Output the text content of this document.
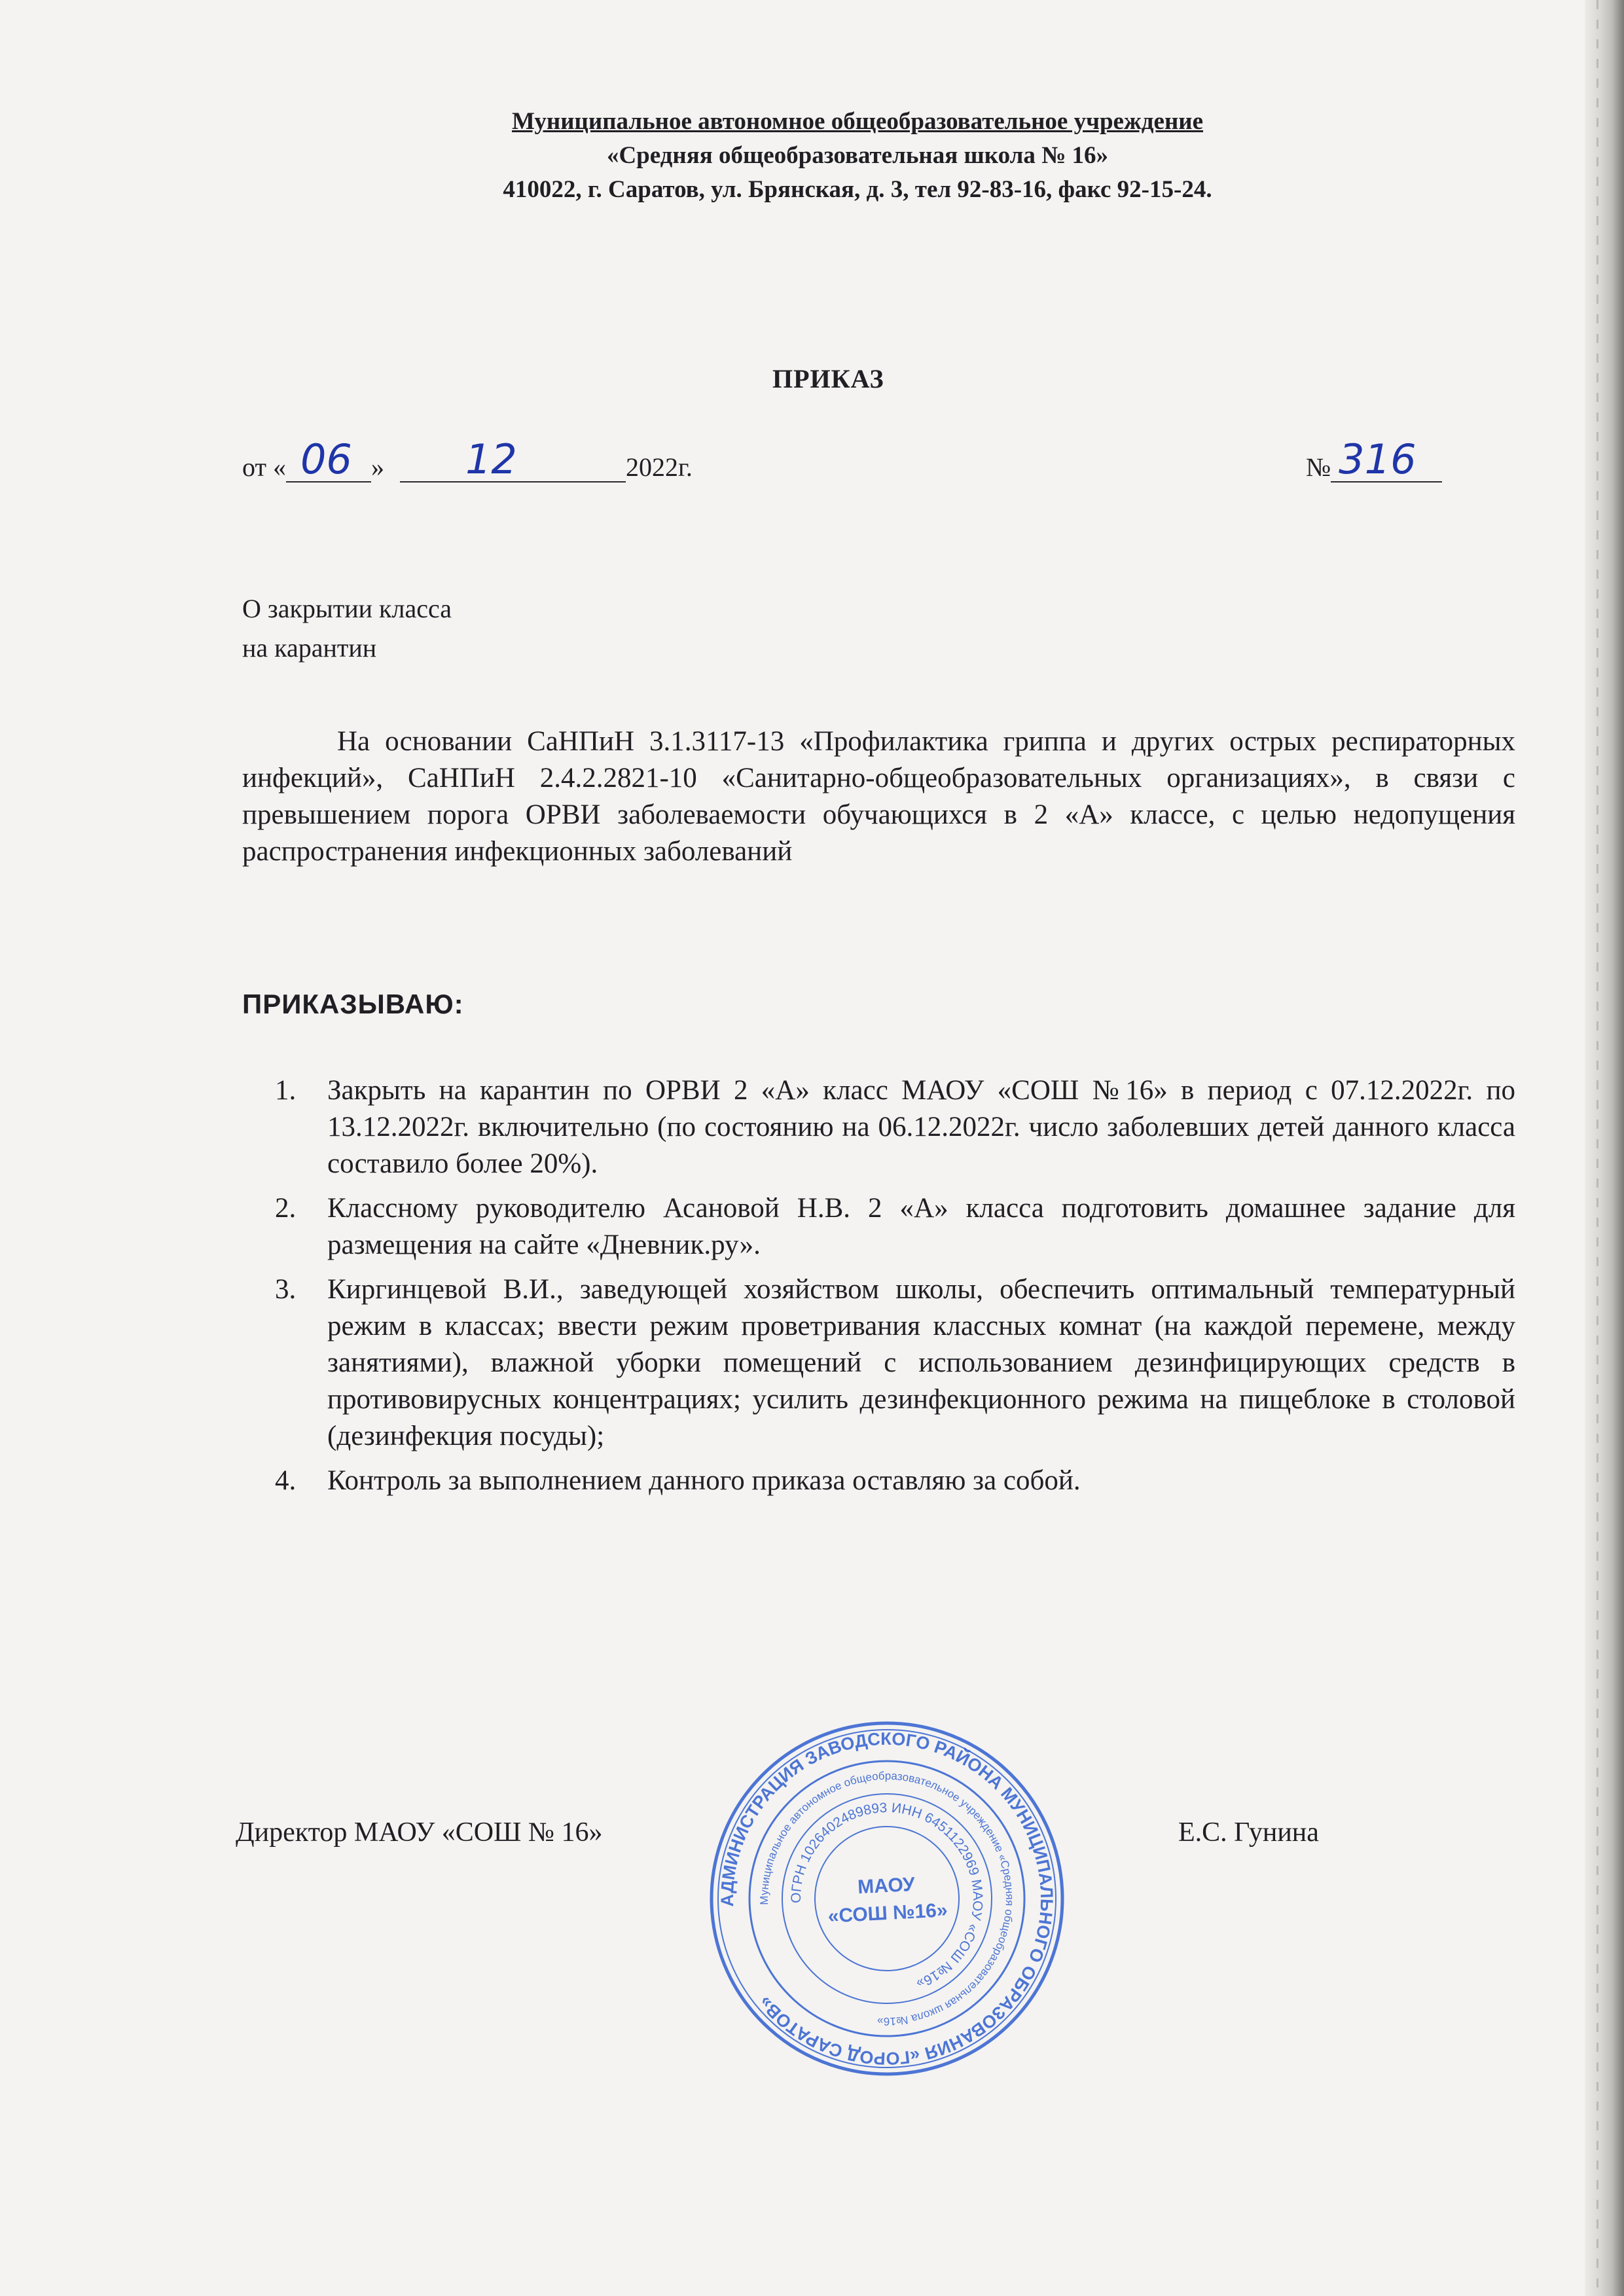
Муниципальное автономное общеобразовательное учреждение
«Средняя общеобразовательная школа № 16»
410022, г. Саратов, ул. Брянская, д. 3, тел 92-83-16, факс 92-15-24.
ПРИКАЗ
от « 06 » 12	2022г.	№ 316
О закрытии класса
на карантин
На основании СаНПиН 3.1.3117-13 «Профилактика гриппа и других острых респираторных инфекций», СаНПиН 2.4.2.2821-10 «Санитарно-общеобразовательных организациях», в связи с превышением порога ОРВИ заболеваемости обучающихся в 2 «А» классе, с целью недопущения распространения инфекционных заболеваний
ПРИКАЗЫВАЮ:
1. Закрыть на карантин по ОРВИ 2 «А» класс МАОУ «СОШ №16» в период с 07.12.2022г. по 13.12.2022г. включительно (по состоянию на 06.12.2022г. число заболевших детей данного класса составило более 20%).
2. Классному руководителю Асановой Н.В. 2 «А» класса подготовить домашнее задание для размещения на сайте «Дневник.ру».
3. Киргинцевой В.И., заведующей хозяйством школы, обеспечить оптимальный температурный режим в классах; ввести режим проветривания классных комнат (на каждой перемене, между занятиями), влажной уборки помещений с использованием дезинфицирующих средств в противовирусных концентрациях; усилить дезинфекционного режима на пищеблоке в столовой (дезинфекция посуды);
4. Контроль за выполнением данного приказа оставляю за собой.
Директор МАОУ «СОШ № 16»	Е.С. Гунина
АДМИНИСТРАЦИЯ ЗАВОДСКОГО РАЙОНА МУНИЦИПАЛЬНОГО ОБРАЗОВАНИЯ «ГОРОД САРАТОВ»
Муниципальное автономное общеобразовательное учреждение «Средняя общеобразовательная школа №16»
ОГРН 1026402489893 ИНН 6451122969 МАОУ «СОШ №16»
МАОУ
«СОШ №16»
